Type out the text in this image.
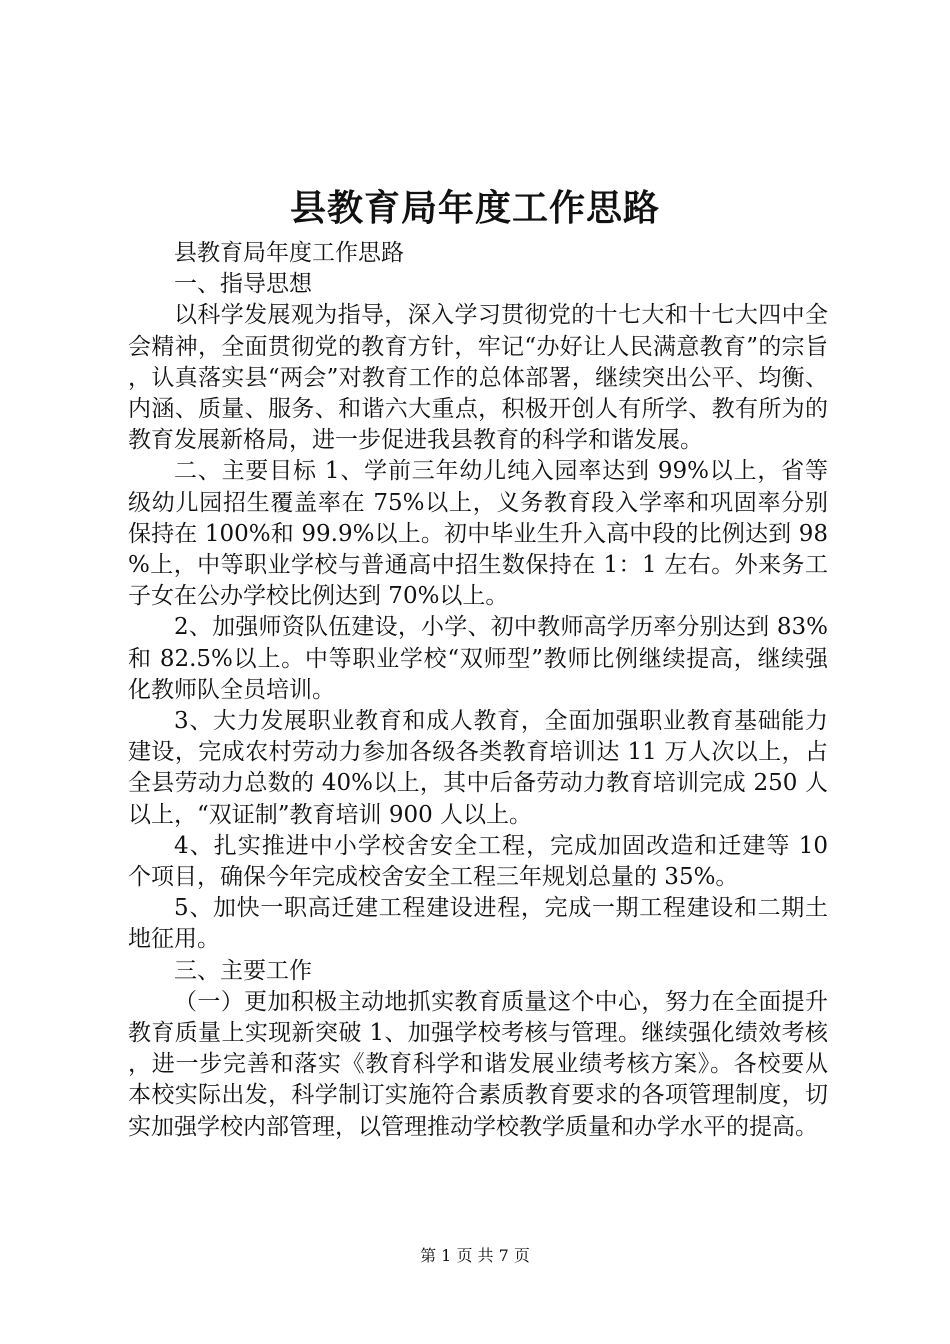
县教育局年度工作思路

县教育局年度工作思路

一、指导思想

以科学发展观为指导，深入学习贯彻党的十七大和十七大四中全会精神，全面贯彻党的教育方针，牢记“办好让人民满意教育”的宗旨，认真落实县“两会”对教育工作的总体部署，继续突出公平、均衡、内涵、质量、服务、和谐六大重点，积极开创人有所学、教有所为的教育发展新格局，进一步促进我县教育的科学和谐发展。

二、主要目标 1、学前三年幼儿纯入园率达到 99%以上，省等级幼儿园招生覆盖率在 75%以上，义务教育段入学率和巩固率分别保持在 100%和 99.9%以上。初中毕业生升入高中段的比例达到 98%上，中等职业学校与普通高中招生数保持在 1：1 左右。外来务工子女在公办学校比例达到 70%以上。

2、加强师资队伍建设，小学、初中教师高学历率分别达到 83%和 82.5%以上。中等职业学校“双师型”教师比例继续提高，继续强化教师队全员培训。

3、大力发展职业教育和成人教育，全面加强职业教育基础能力建设，完成农村劳动力参加各级各类教育培训达 11 万人次以上，占全县劳动力总数的 40%以上，其中后备劳动力教育培训完成 250 人以上，“双证制”教育培训 900 人以上。

4、扎实推进中小学校舍安全工程，完成加固改造和迁建等 10 个项目，确保今年完成校舍安全工程三年规划总量的 35%。

5、加快一职高迁建工程建设进程，完成一期工程建设和二期土地征用。

三、主要工作

（一）更加积极主动地抓实教育质量这个中心，努力在全面提升教育质量上实现新突破 1、加强学校考核与管理。继续强化绩效考核，进一步完善和落实《教育科学和谐发展业绩考核方案》。各校要从本校实际出发，科学制订实施符合素质教育要求的各项管理制度，切实加强学校内部管理，以管理推动学校教学质量和办学水平的提高。

第 1 页 共 7 页
